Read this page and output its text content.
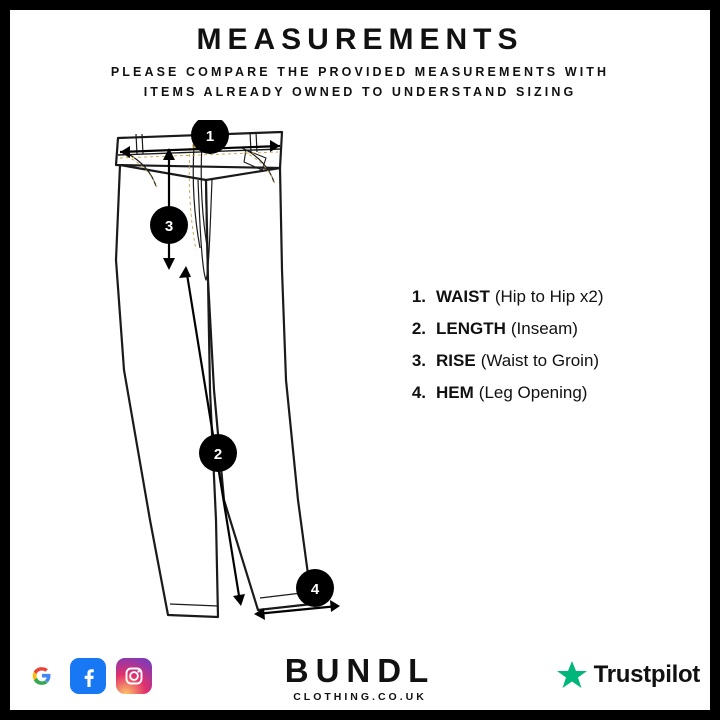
MEASUREMENTS
PLEASE COMPARE THE PROVIDED MEASUREMENTS WITH
ITEMS ALREADY OWNED TO UNDERSTAND SIZING
1
3
2
4
1. WAIST (Hip to Hip x2)
2. LENGTH (Inseam)
3. RISE (Waist to Groin)
4. HEM (Leg Opening)
BUNDL
CLOTHING.CO.UK
Trustpilot
